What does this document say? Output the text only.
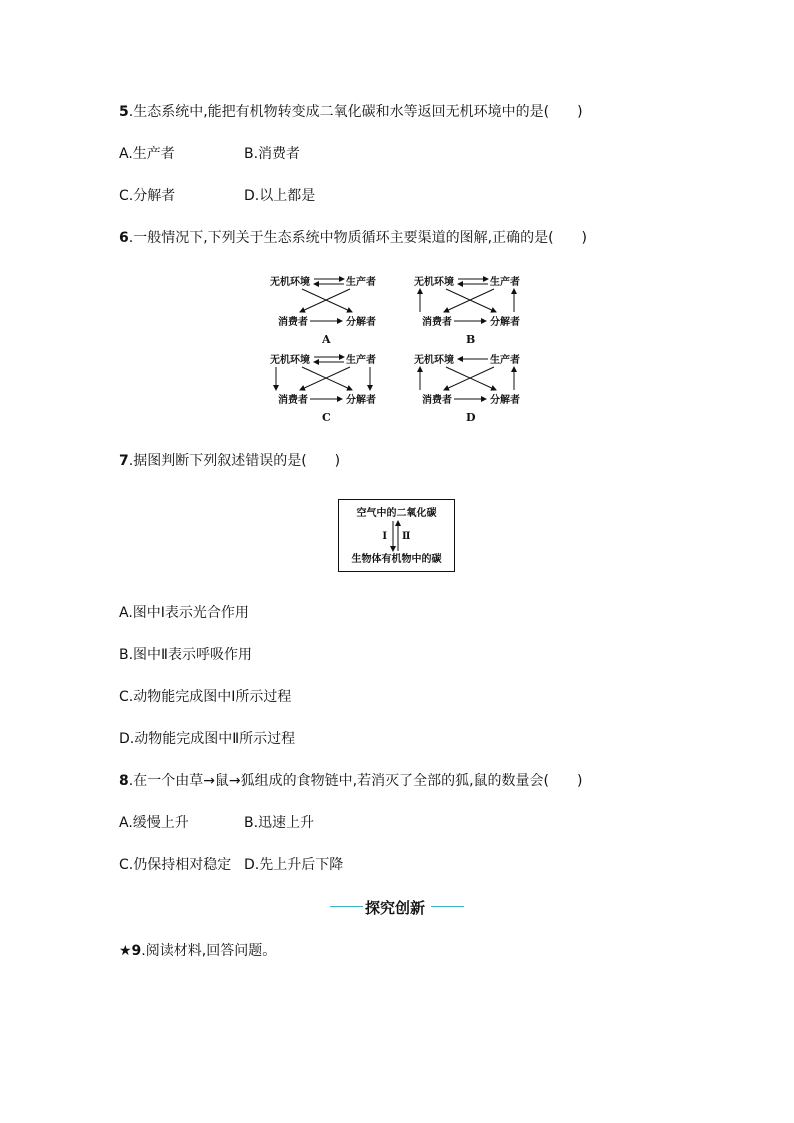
5.生态系统中,能把有机物转变成二氧化碳和水等返回无机环境中的是(　　)
A.生产者	B.消费者
C.分解者	D.以上都是
6.一般情况下,下列关于生态系统中物质循环主要渠道的图解,正确的是(　　)
无机环境	生产者
消费者	分解者
A
无机环境	生产者
消费者	分解者
B
无机环境	生产者
消费者	分解者
C
无机环境	生产者
消费者	分解者
D
7.据图判断下列叙述错误的是(　　)
空气中的二氧化碳
生物体有机物中的碳
Ⅰ Ⅱ
A.图中Ⅰ表示光合作用
B.图中Ⅱ表示呼吸作用
C.动物能完成图中Ⅰ所示过程
D.动物能完成图中Ⅱ所示过程
8.在一个由草→鼠→狐组成的食物链中,若消灭了全部的狐,鼠的数量会(　　)
A.缓慢上升	B.迅速上升
C.仍保持相对稳定 D.先上升后下降
探究创新
★9.阅读材料,回答问题。
